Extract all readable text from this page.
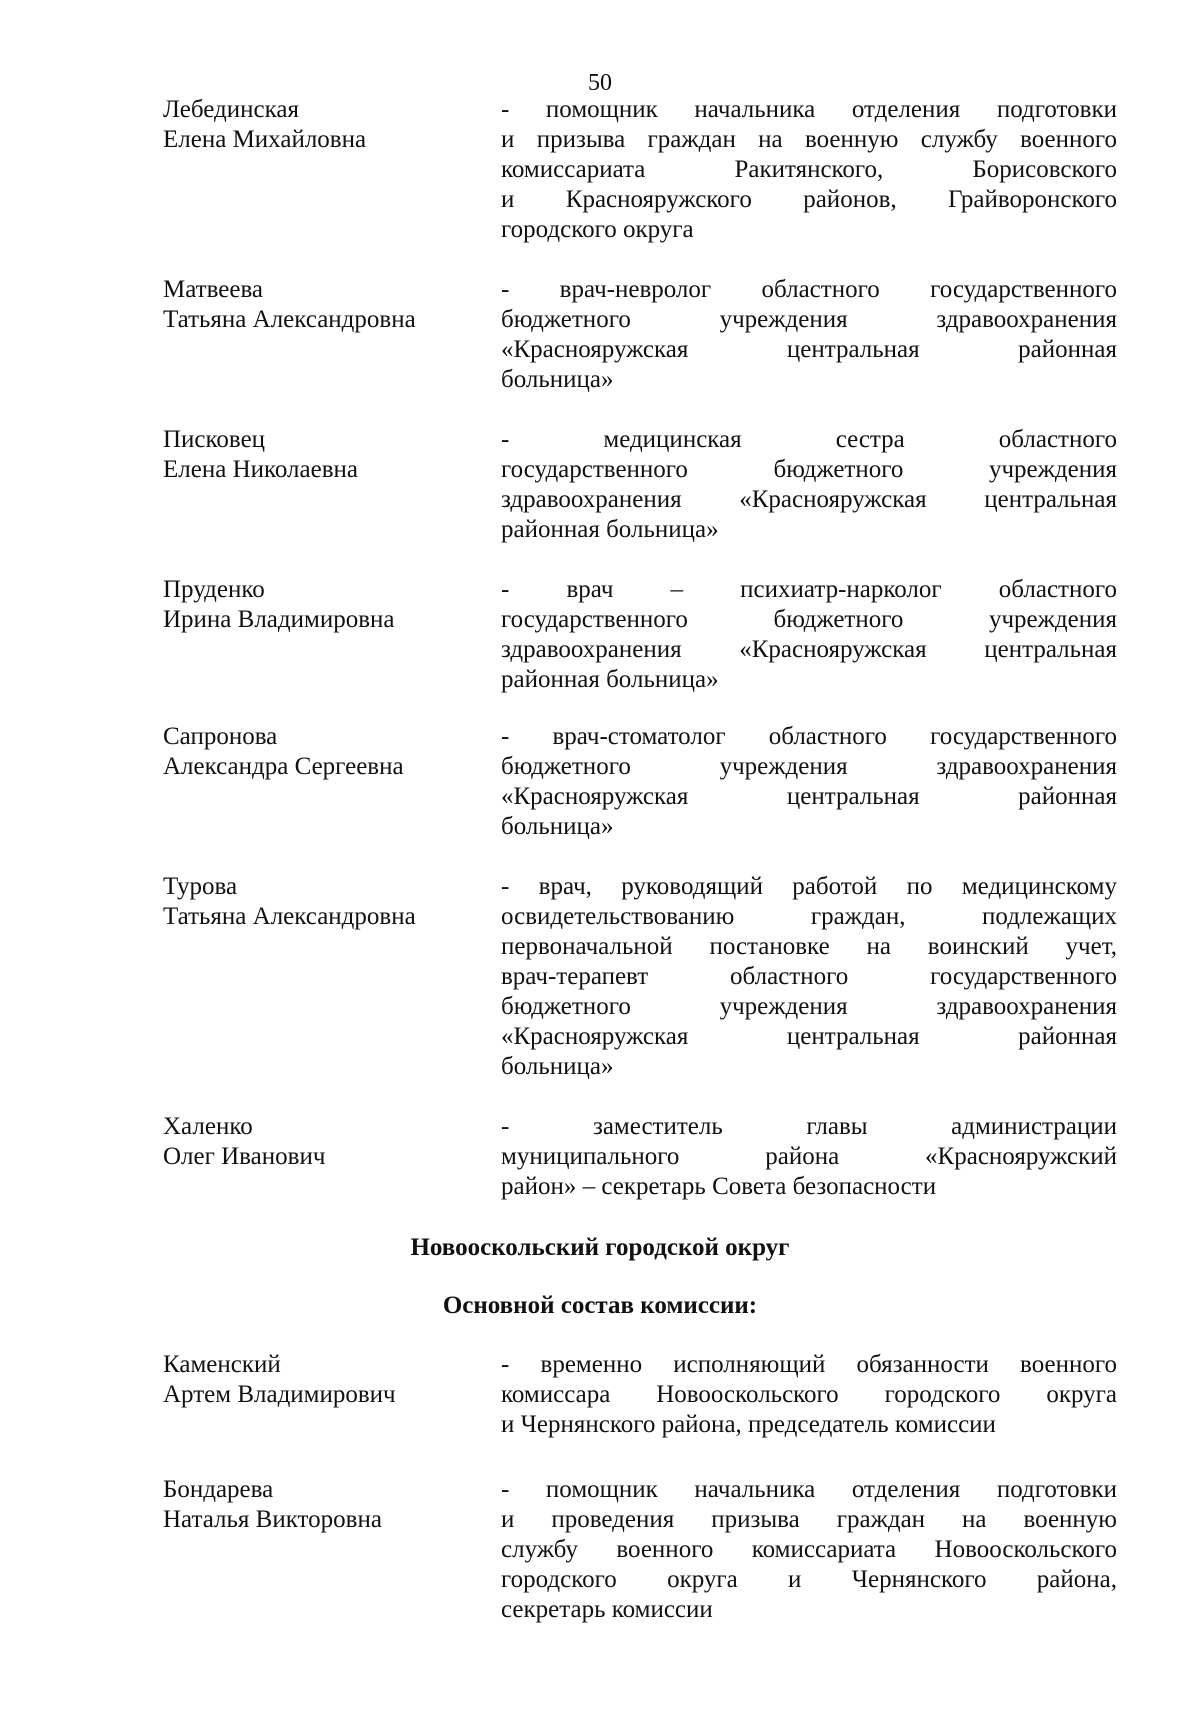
50
Лебединская
Елена Михайловна
- помощник начальника отделения подготовки
и призыва граждан на военную службу военного
комиссариата Ракитянского, Борисовского
и Краснояружского районов, Грайворонского
городского округа
Матвеева
Татьяна Александровна
- врач-невролог областного государственного
бюджетного учреждения здравоохранения
«Краснояружская центральная районная
больница»
Писковец
Елена Николаевна
- медицинская сестра областного
государственного бюджетного учреждения
здравоохранения «Краснояружская центральная
районная больница»
Пруденко
Ирина Владимировна
- врач – психиатр-нарколог областного
государственного бюджетного учреждения
здравоохранения «Краснояружская центральная
районная больница»
Сапронова
Александра Сергеевна
- врач-стоматолог областного государственного
бюджетного учреждения здравоохранения
«Краснояружская центральная районная
больница»
Турова
Татьяна Александровна
- врач, руководящий работой по медицинскому
освидетельствованию граждан, подлежащих
первоначальной постановке на воинский учет,
врач-терапевт областного государственного
бюджетного учреждения здравоохранения
«Краснояружская центральная районная
больница»
Халенко
Олег Иванович
- заместитель главы администрации
муниципального района «Краснояружский
район» – секретарь Совета безопасности
Новооскольский городской округ
Основной состав комиссии:
Каменский
Артем Владимирович
- временно исполняющий обязанности военного
комиссара Новооскольского городского округа
и Чернянского района, председатель комиссии
Бондарева
Наталья Викторовна
- помощник начальника отделения подготовки
и проведения призыва граждан на военную
службу военного комиссариата Новооскольского
городского округа и Чернянского района,
секретарь комиссии
